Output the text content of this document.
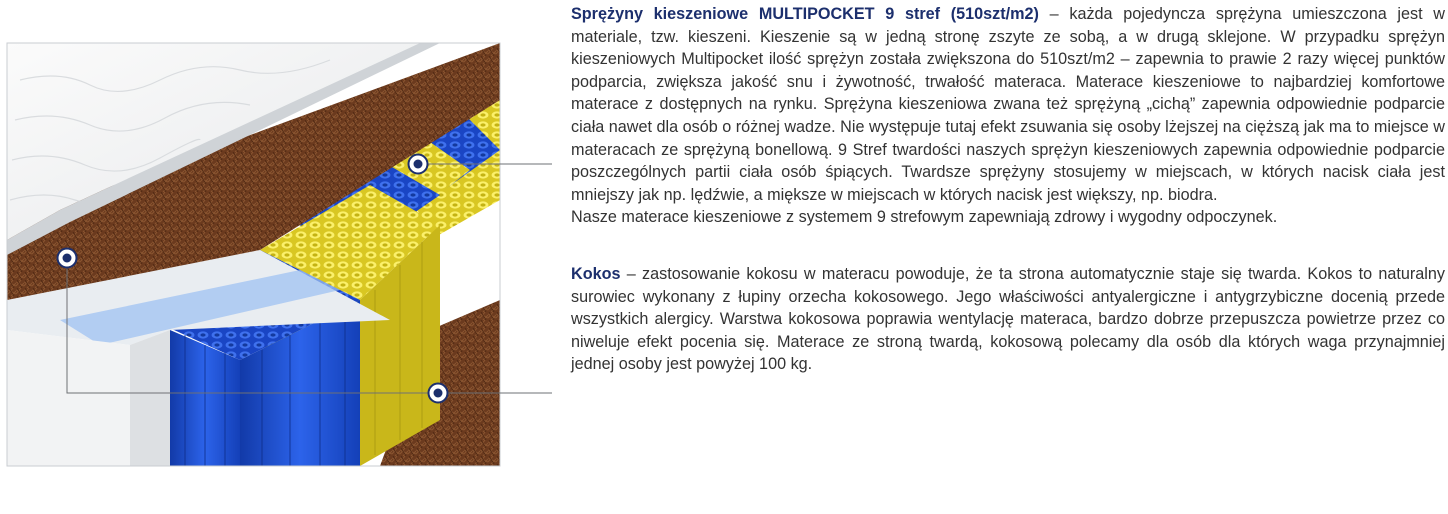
Sprężyny kieszeniowe MULTIPOCKET 9 stref (510szt/m2) – każda pojedyncza sprężyna umieszczona jest w materiale, tzw. kieszeni. Kieszenie są w jedną stronę zszyte ze sobą, a w drugą sklejone. W przypadku sprężyn kieszeniowych Multipocket ilość sprężyn została zwiększona do 510szt/m2 – zapewnia to prawie 2 razy więcej punktów podparcia, zwiększa jakość snu i żywotność, trwałość materaca. Materace kieszeniowe to najbardziej komfortowe materace z dostępnych na rynku. Sprężyna kieszeniowa zwana też sprężyną „cichą” zapewnia odpowiednie podparcie ciała nawet dla osób o różnej wadze. Nie występuje tutaj efekt zsuwania się osoby lżejszej na cięższą jak ma to miejsce w materacach ze sprężyną bonellową. 9 Stref twardości naszych sprężyn kieszeniowych zapewnia odpowiednie podparcie poszczególnych partii ciała osób śpiących. Twardsze sprężyny stosujemy w miejscach, w których nacisk ciała jest mniejszy jak np. lędźwie, a miększe w miejscach w których nacisk jest większy, np. biodra.

Nasze materace kieszeniowe z systemem 9 strefowym zapewniają zdrowy i wygodny odpoczynek.

Kokos – zastosowanie kokosu w materacu powoduje, że ta strona automatycznie staje się twarda. Kokos to naturalny surowiec wykonany z łupiny orzecha kokosowego. Jego właściwości antyalergiczne i antygrzybiczne docenią przede wszystkich alergicy. Warstwa kokosowa poprawia wentylację materaca, bardzo dobrze przepuszcza powietrze przez co niweluje efekt pocenia się. Materace ze stroną twardą, kokosową polecamy dla osób dla których waga przynajmniej jednej osoby jest powyżej 100 kg.
